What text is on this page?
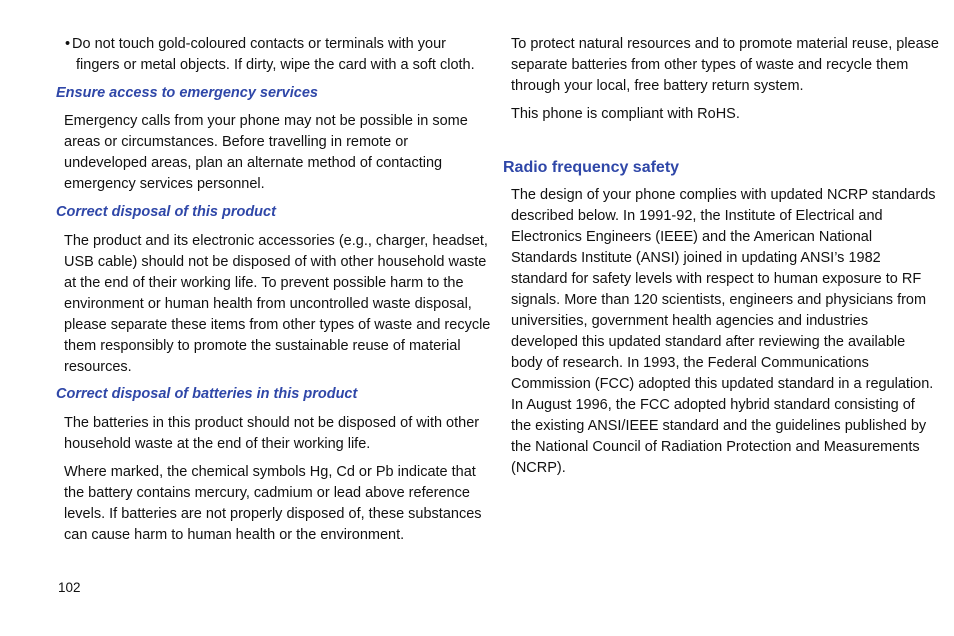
• Do not touch gold-coloured contacts or terminals with your
fingers or metal objects. If dirty, wipe the card with a soft cloth.
Ensure access to emergency services
Emergency calls from your phone may not be possible in some
areas or circumstances. Before travelling in remote or
undeveloped areas, plan an alternate method of contacting
emergency services personnel.
Correct disposal of this product
The product and its electronic accessories (e.g., charger, headset,
USB cable) should not be disposed of with other household waste
at the end of their working life. To prevent possible harm to the
environment or human health from uncontrolled waste disposal,
please separate these items from other types of waste and recycle
them responsibly to promote the sustainable reuse of material
resources.
Correct disposal of batteries in this product
The batteries in this product should not be disposed of with other
household waste at the end of their working life.
Where marked, the chemical symbols Hg, Cd or Pb indicate that
the battery contains mercury, cadmium or lead above reference
levels. If batteries are not properly disposed of, these substances
can cause harm to human health or the environment.
To protect natural resources and to promote material reuse, please
separate batteries from other types of waste and recycle them
through your local, free battery return system.
This phone is compliant with RoHS.
Radio frequency safety
The design of your phone complies with updated NCRP standards
described below. In 1991-92, the Institute of Electrical and
Electronics Engineers (IEEE) and the American National
Standards Institute (ANSI) joined in updating ANSI’s 1982
standard for safety levels with respect to human exposure to RF
signals. More than 120 scientists, engineers and physicians from
universities, government health agencies and industries
developed this updated standard after reviewing the available
body of research. In 1993, the Federal Communications
Commission (FCC) adopted this updated standard in a regulation.
In August 1996, the FCC adopted hybrid standard consisting of
the existing ANSI/IEEE standard and the guidelines published by
the National Council of Radiation Protection and Measurements
(NCRP).
102
